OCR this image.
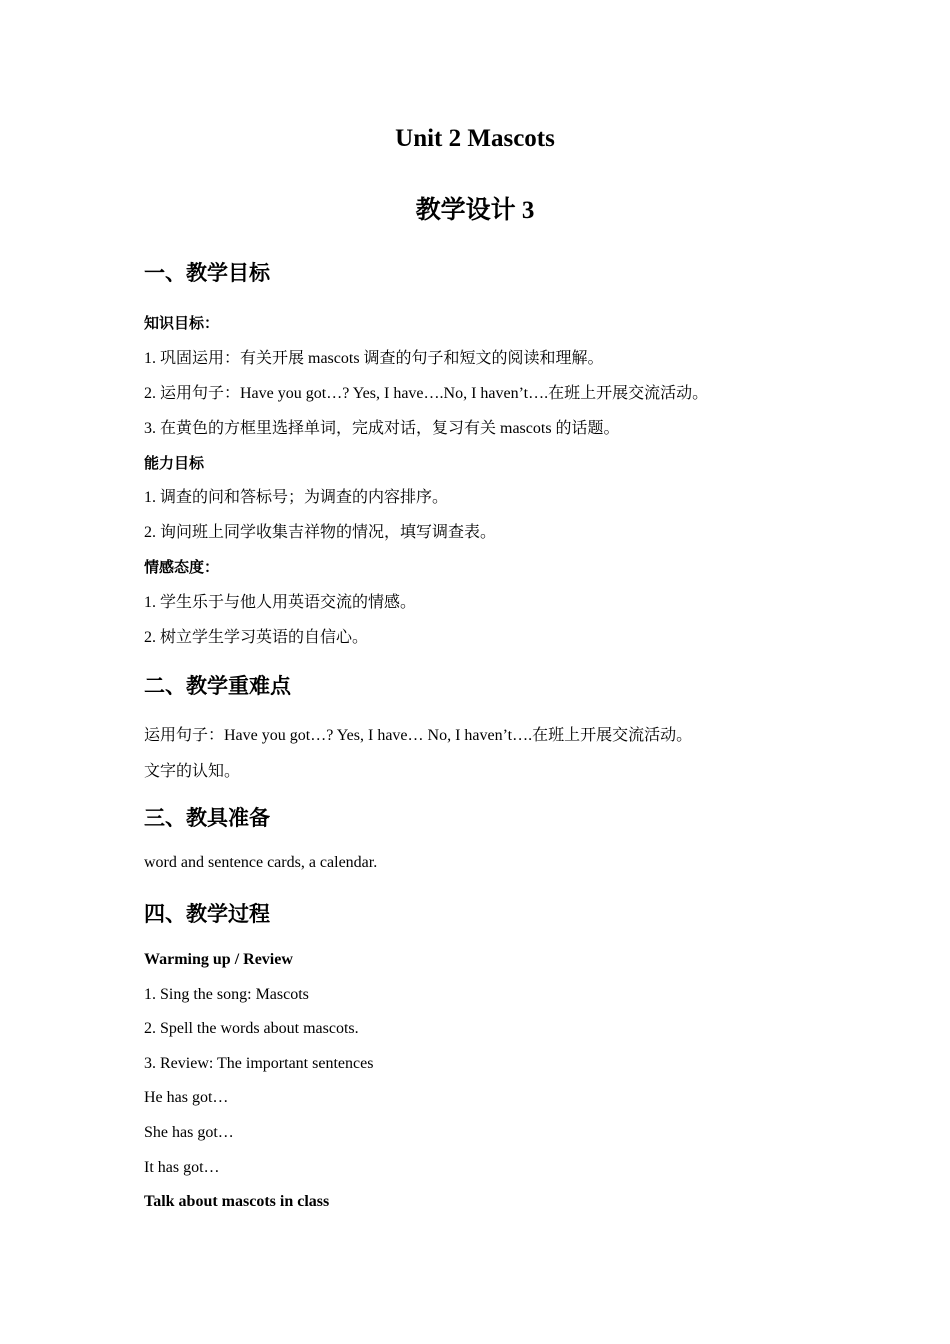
Unit 2 Mascots
教学设计 3
一、教学目标
知识目标：
1. 巩固运用：有关开展 mascots 调查的句子和短文的阅读和理解。
2. 运用句子：Have you got…? Yes, I have….No, I haven’t….在班上开展交流活动。
3. 在黄色的方框里选择单词，完成对话，复习有关 mascots 的话题。
能力目标
1. 调查的问和答标号；为调查的内容排序。
2. 询问班上同学收集吉祥物的情况，填写调查表。
情感态度：
1. 学生乐于与他人用英语交流的情感。
2. 树立学生学习英语的自信心。
二、教学重难点
运用句子：Have you got…? Yes, I have… No, I haven’t….在班上开展交流活动。
文字的认知。
三、教具准备
word and sentence cards, a calendar.
四、教学过程
Warming up / Review
1. Sing the song: Mascots
2. Spell the words about mascots.
3. Review: The important sentences
He has got…
She has got…
It has got…
Talk about mascots in class
